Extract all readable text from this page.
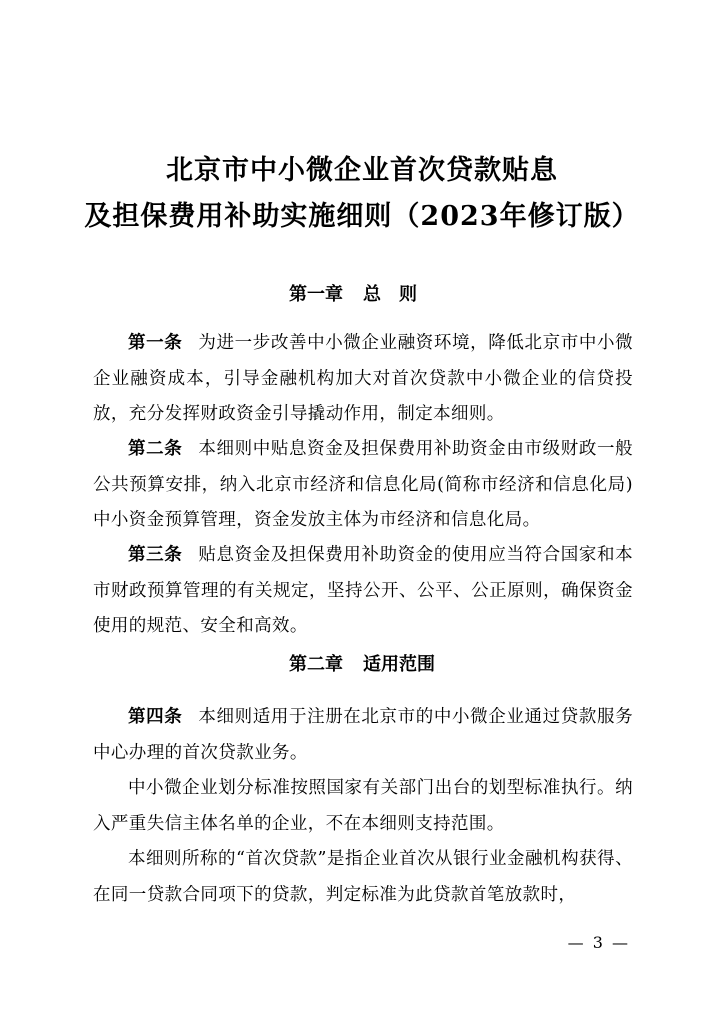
北京市中小微企业首次贷款贴息
及担保费用补助实施细则（2023年修订版）
第一章 总则

第一条 为进一步改善中小微企业融资环境，降低北京市中小微企业融资成本，引导金融机构加大对首次贷款中小微企业的信贷投放，充分发挥财政资金引导撬动作用，制定本细则。

第二条 本细则中贴息资金及担保费用补助资金由市级财政一般公共预算安排，纳入北京市经济和信息化局(简称市经济和信息化局)中小资金预算管理，资金发放主体为市经济和信息化局。

第三条 贴息资金及担保费用补助资金的使用应当符合国家和本市财政预算管理的有关规定，坚持公开、公平、公正原则，确保资金使用的规范、安全和高效。

第二章 适用范围

第四条 本细则适用于注册在北京市的中小微企业通过贷款服务中心办理的首次贷款业务。

中小微企业划分标准按照国家有关部门出台的划型标准执行。纳入严重失信主体名单的企业，不在本细则支持范围。

本细则所称的“首次贷款”是指企业首次从银行业金融机构获得、在同一贷款合同项下的贷款，判定标准为此贷款首笔放款时，

— 3 —
